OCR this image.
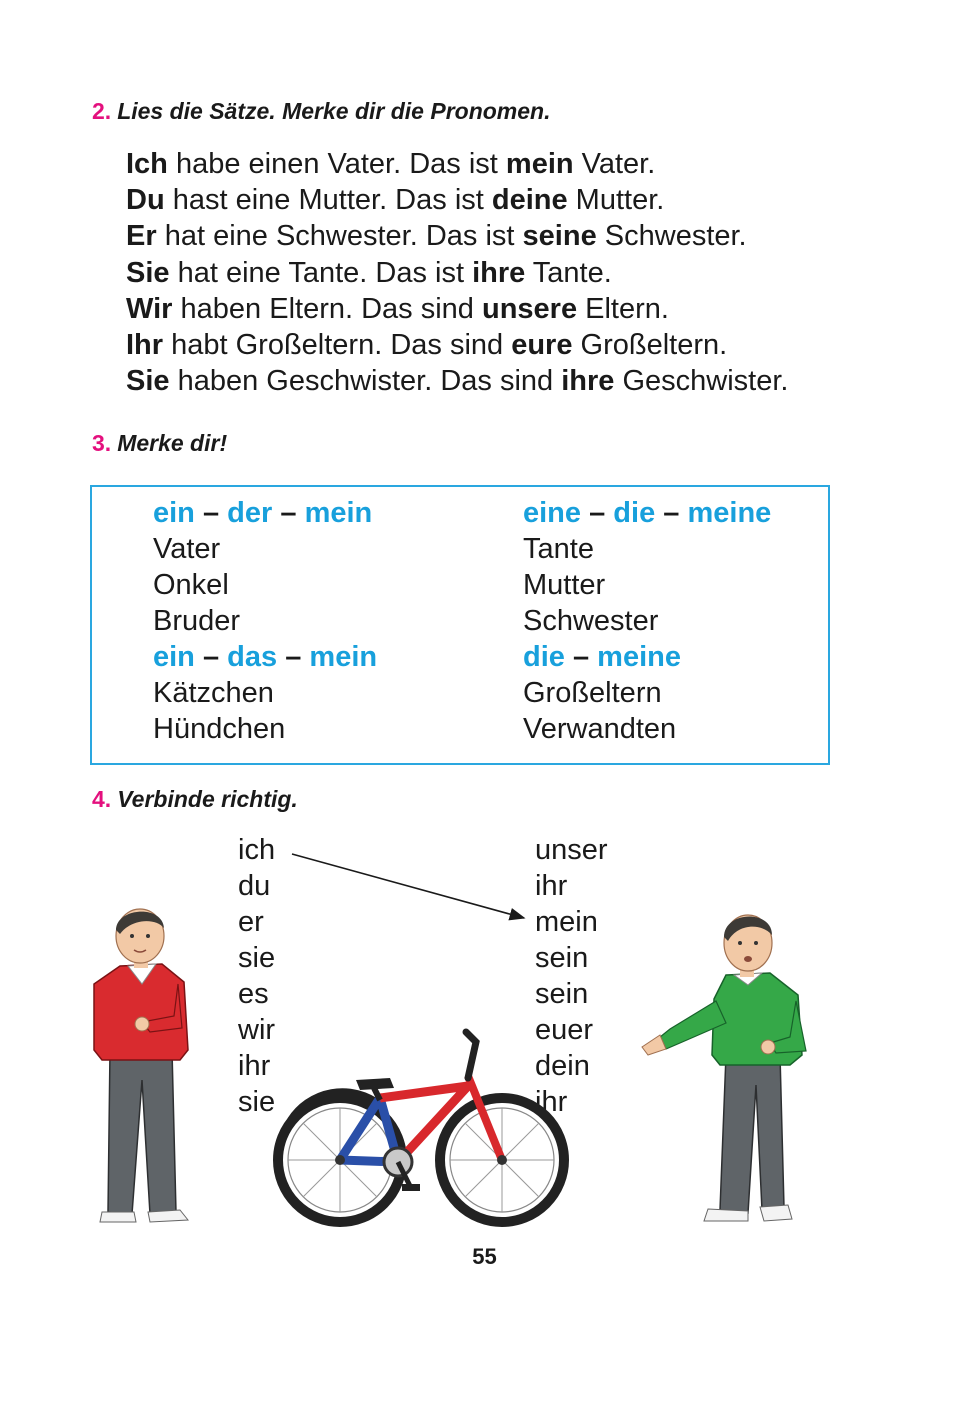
2. Lies die Sätze. Merke dir die Pronomen.
Ich habe einen Vater. Das ist mein Vater.
Du hast eine Mutter. Das ist deine Mutter.
Er hat eine Schwester. Das ist seine Schwester.
Sie hat eine Tante. Das ist ihre Tante.
Wir haben Eltern. Das sind unsere Eltern.
Ihr habt Großeltern. Das sind eure Großeltern.
Sie haben Geschwister. Das sind ihre Geschwister.
3. Merke dir!
ein – der – mein
Vater
Onkel
Bruder
ein – das – mein
Kätzchen
Hündchen
eine – die – meine
Tante
Mutter
Schwester
die – meine
Großeltern
Verwandten
4. Verbinde richtig.
ich
du
er
sie
es
wir
ihr
sie
unser
ihr
mein
sein
sein
euer
dein
ihr
55
